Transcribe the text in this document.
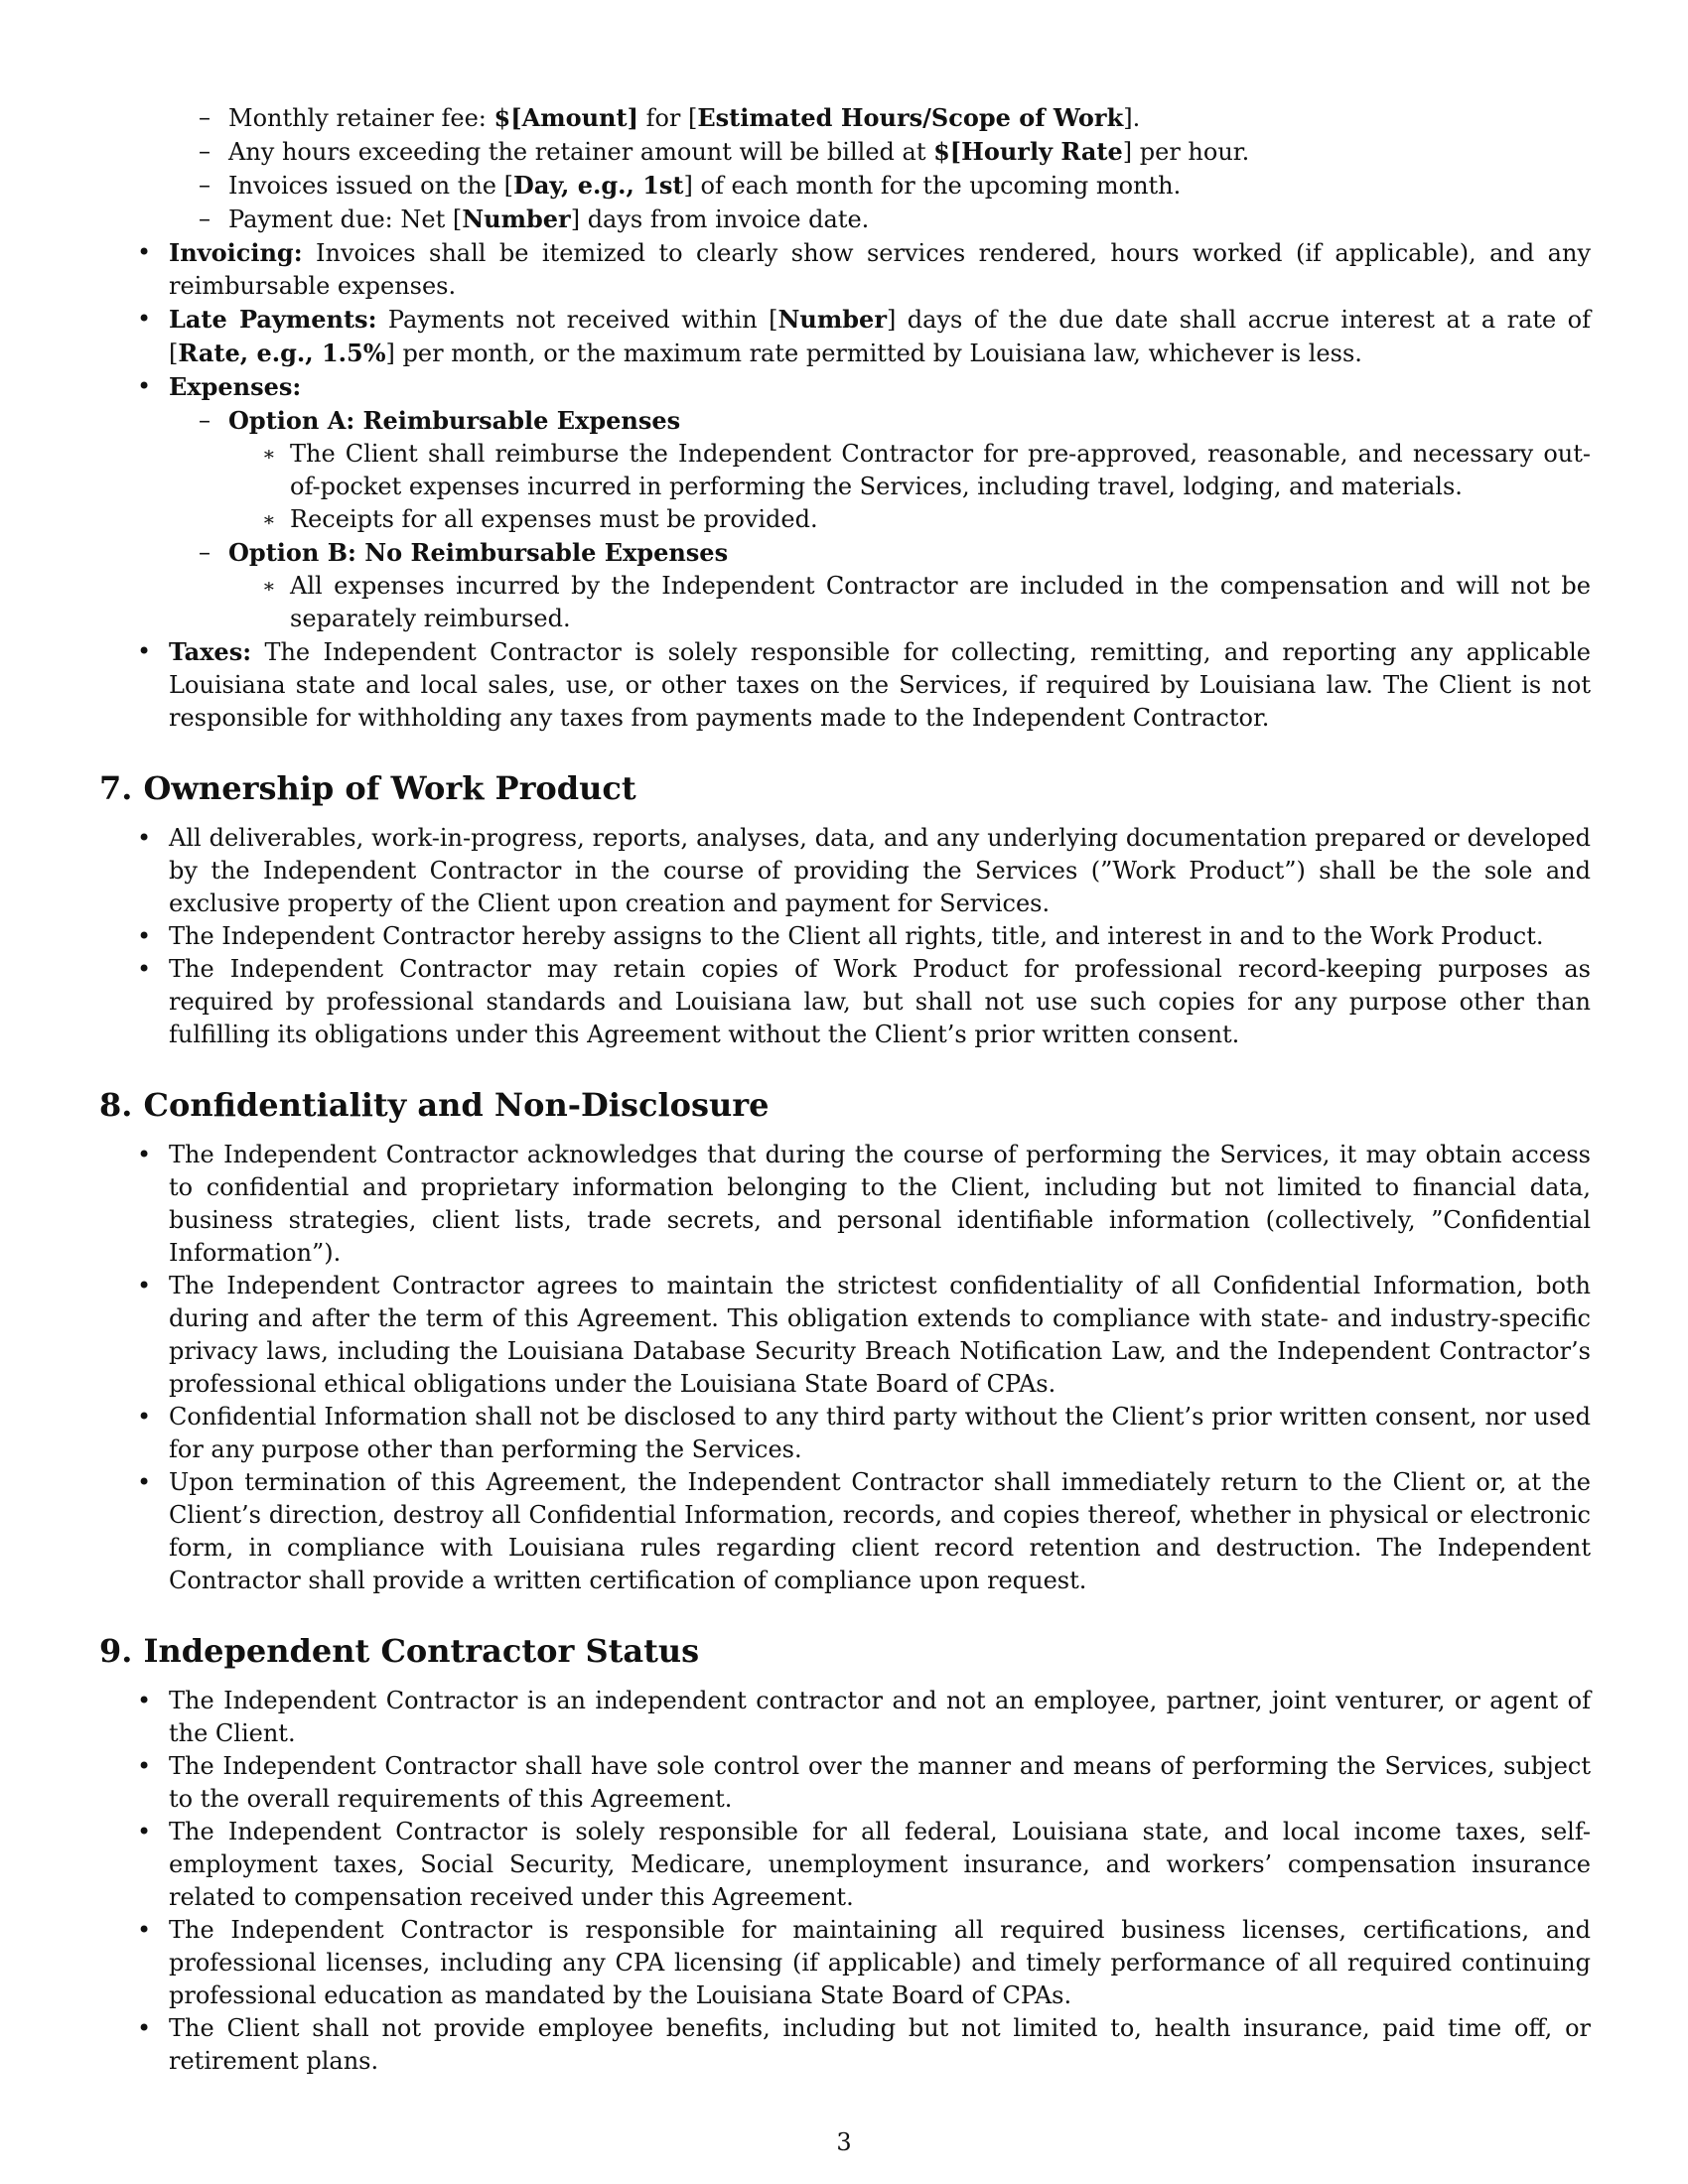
– Monthly retainer fee: $[Amount] for [Estimated Hours/Scope of Work].
– Any hours exceeding the retainer amount will be billed at $[Hourly Rate] per hour.
– Invoices issued on the [Day, e.g., 1st] of each month for the upcoming month.
– Payment due: Net [Number] days from invoice date.
• Invoicing: Invoices shall be itemized to clearly show services rendered, hours worked (if applicable), and any reimbursable expenses.
• Late Payments: Payments not received within [Number] days of the due date shall accrue interest at a rate of [Rate, e.g., 1.5%] per month, or the maximum rate permitted by Louisiana law, whichever is less.
• Expenses:
– Option A: Reimbursable Expenses
∗ The Client shall reimburse the Independent Contractor for pre-approved, reasonable, and necessary out-of-pocket expenses incurred in performing the Services, including travel, lodging, and materials.
∗ Receipts for all expenses must be provided.
– Option B: No Reimbursable Expenses
∗ All expenses incurred by the Independent Contractor are included in the compensation and will not be separately reimbursed.
• Taxes: The Independent Contractor is solely responsible for collecting, remitting, and reporting any applicable Louisiana state and local sales, use, or other taxes on the Services, if required by Louisiana law. The Client is not responsible for withholding any taxes from payments made to the Independent Contractor.
7. Ownership of Work Product
• All deliverables, work-in-progress, reports, analyses, data, and any underlying documentation prepared or developed by the Independent Contractor in the course of providing the Services (”Work Product”) shall be the sole and exclusive property of the Client upon creation and payment for Services.
• The Independent Contractor hereby assigns to the Client all rights, title, and interest in and to the Work Product.
• The Independent Contractor may retain copies of Work Product for professional record-keeping purposes as required by professional standards and Louisiana law, but shall not use such copies for any purpose other than fulfilling its obligations under this Agreement without the Client’s prior written consent.
8. Confidentiality and Non-Disclosure
• The Independent Contractor acknowledges that during the course of performing the Services, it may obtain access to confidential and proprietary information belonging to the Client, including but not limited to financial data, business strategies, client lists, trade secrets, and personal identifiable information (collectively, ”Confidential Information”).
• The Independent Contractor agrees to maintain the strictest confidentiality of all Confidential Information, both during and after the term of this Agreement. This obligation extends to compliance with state- and industry-specific privacy laws, including the Louisiana Database Security Breach Notification Law, and the Independent Contractor’s professional ethical obligations under the Louisiana State Board of CPAs.
• Confidential Information shall not be disclosed to any third party without the Client’s prior written consent, nor used for any purpose other than performing the Services.
• Upon termination of this Agreement, the Independent Contractor shall immediately return to the Client or, at the Client’s direction, destroy all Confidential Information, records, and copies thereof, whether in physical or electronic form, in compliance with Louisiana rules regarding client record retention and destruction. The Independent Contractor shall provide a written certification of compliance upon request.
9. Independent Contractor Status
• The Independent Contractor is an independent contractor and not an employee, partner, joint venturer, or agent of the Client.
• The Independent Contractor shall have sole control over the manner and means of performing the Services, subject to the overall requirements of this Agreement.
• The Independent Contractor is solely responsible for all federal, Louisiana state, and local income taxes, self-employment taxes, Social Security, Medicare, unemployment insurance, and workers’ compensation insurance related to compensation received under this Agreement.
• The Independent Contractor is responsible for maintaining all required business licenses, certifications, and professional licenses, including any CPA licensing (if applicable) and timely performance of all required continuing professional education as mandated by the Louisiana State Board of CPAs.
• The Client shall not provide employee benefits, including but not limited to, health insurance, paid time off, or retirement plans.
3
